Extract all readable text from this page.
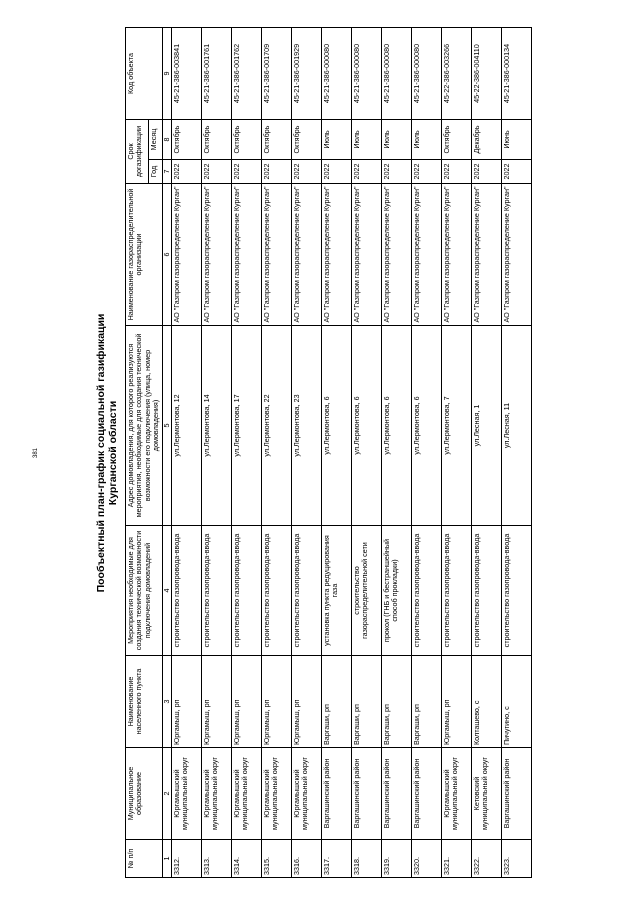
381	Пообъектный план-график социальной газификации Курганской области
№ п/п	Муниципальное образование	Наименование населенного пункта	Мероприятия необходимые для создания технической возможности подключения домовладений	Адрес домовладения, для которого реализуются мероприятия, необходимые для создания технической возможности его подключения (улица, номер домовладения)	Наименование газораспределительной организации	Срок догазификации		Код объекта
						Год	Месяц	
1	2	3	4	5	6	7	8	9
3312.	Юргамышский муниципальный округ	Юргамыш, рп	строительство газопровода-ввода	ул.Лермонтова, 12	АО "Газпром газораспределение Курган"	2022	Октябрь	45-21-386-003841
3313.	Юргамышский муниципальный округ	Юргамыш, рп	строительство газопровода-ввода	ул.Лермонтова, 14	АО "Газпром газораспределение Курган"	2022	Октябрь	45-21-386-001761
3314.	Юргамышский муниципальный округ	Юргамыш, рп	строительство газопровода-ввода	ул.Лермонтова, 17	АО "Газпром газораспределение Курган"	2022	Октябрь	45-21-386-001762
3315.	Юргамышский муниципальный округ	Юргамыш, рп	строительство газопровода-ввода	ул.Лермонтова, 22	АО "Газпром газораспределение Курган"	2022	Октябрь	45-21-386-001709
3316.	Юргамышский муниципальный округ	Юргамыш, рп	строительство газопровода-ввода	ул.Лермонтова, 23	АО "Газпром газораспределение Курган"	2022	Октябрь	45-21-386-001929
3317.	Варгашинский район	Варгаши, рп	установка пункта редуцирования газа	ул.Лермонтова, 6	АО "Газпром газораспределение Курган"	2022	Июль	45-21-386-000080
3318.	Варгашинский район	Варгаши, рп	строительство газораспределительной сети	ул.Лермонтова, 6	АО "Газпром газораспределение Курган"	2022	Июль	45-21-386-000080
3319.	Варгашинский район	Варгаши, рп	прокол (ГНБ и бестраншейный способ прокладки)	ул.Лермонтова, 6	АО "Газпром газораспределение Курган"	2022	Июль	45-21-386-000080
3320.	Варгашинский район	Варгаши, рп	строительство газопровода-ввода	ул.Лермонтова, 6	АО "Газпром газораспределение Курган"	2022	Июль	45-21-386-000080
3321.	Юргамышский муниципальный округ	Юргамыш, рп	строительство газопровода-ввода	ул.Лермонтова, 7	АО "Газпром газораспределение Курган"	2022	Октябрь	45-22-386-003266
3322.	Кетовский муниципальный округ	Колташево, с	строительство газопровода-ввода	ул.Лесная, 1	АО "Газпром газораспределение Курган"	2022	Декабрь	45-22-386-004110
3323.	Варгашинский район	Пичугино, с	строительство газопровода-ввода	ул.Лесная, 11	АО "Газпром газораспределение Курган"	2022	Июнь	45-21-386-000134
